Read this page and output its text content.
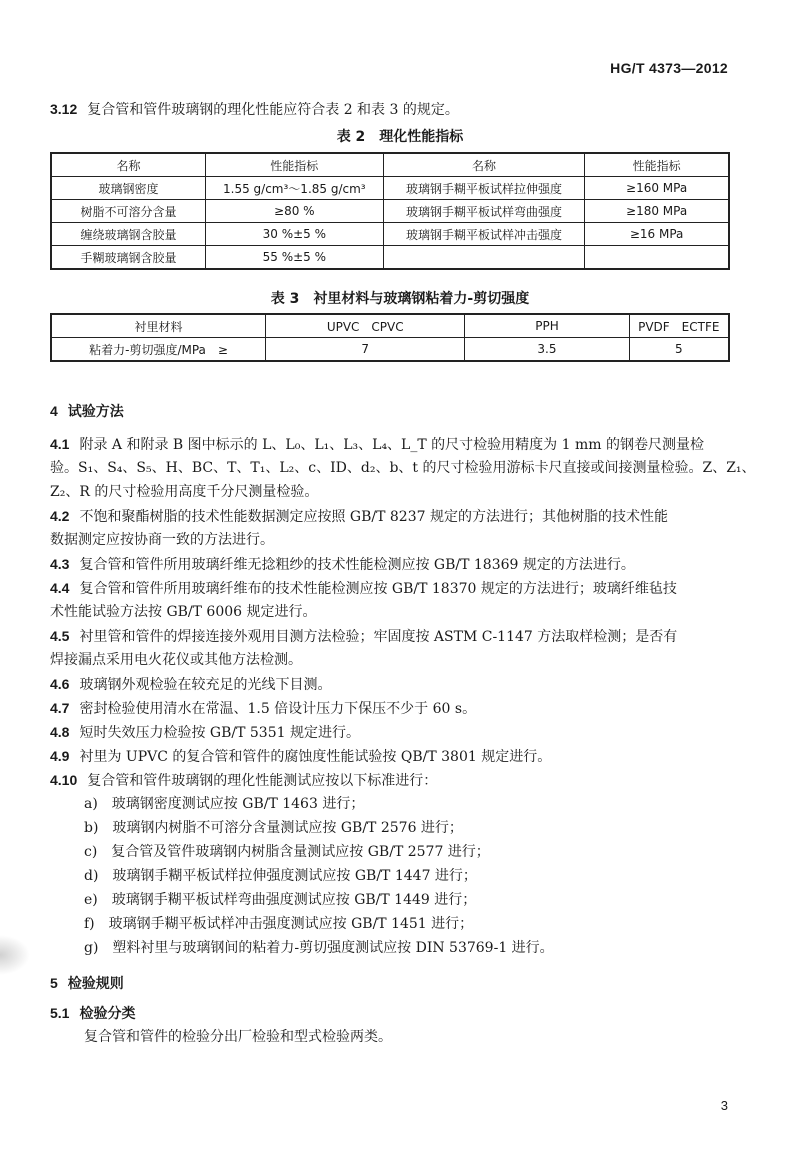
HG/T 4373—2012
3.12 复合管和管件玻璃钢的理化性能应符合表 2 和表 3 的规定。
表 2　理化性能指标
名称	性能指标	名称	性能指标
玻璃钢密度	1.55 g/cm³～1.85 g/cm³	玻璃钢手糊平板试样拉伸强度	≥160 MPa
树脂不可溶分含量	≥80 %	玻璃钢手糊平板试样弯曲强度	≥180 MPa
缠绕玻璃钢含胶量	30 %±5 %	玻璃钢手糊平板试样冲击强度	≥16 MPa
手糊玻璃钢含胶量	55 %±5 %		
表 3　衬里材料与玻璃钢粘着力-剪切强度
衬里材料	UPVC　CPVC	PPH	PVDF　ECTFE
粘着力-剪切强度/MPa　≥	7	3.5	5
4 试验方法
4.1 附录 A 和附录 B 图中标示的 L、L₀、L₁、L₃、L₄、L_T 的尺寸检验用精度为 1 mm 的钢卷尺测量检
验。S₁、S₄、S₅、H、BC、T、T₁、L₂、c、ID、d₂、b、t 的尺寸检验用游标卡尺直接或间接测量检验。Z、Z₁、
Z₂、R 的尺寸检验用高度千分尺测量检验。
4.2 不饱和聚酯树脂的技术性能数据测定应按照 GB/T 8237 规定的方法进行；其他树脂的技术性能
数据测定应按协商一致的方法进行。
4.3 复合管和管件所用玻璃纤维无捻粗纱的技术性能检测应按 GB/T 18369 规定的方法进行。
4.4 复合管和管件所用玻璃纤维布的技术性能检测应按 GB/T 18370 规定的方法进行；玻璃纤维毡技
术性能试验方法按 GB/T 6006 规定进行。
4.5 衬里管和管件的焊接连接外观用目测方法检验；牢固度按 ASTM C-1147 方法取样检测；是否有
焊接漏点采用电火花仪或其他方法检测。
4.6 玻璃钢外观检验在较充足的光线下目测。
4.7 密封检验使用清水在常温、1.5 倍设计压力下保压不少于 60 s。
4.8 短时失效压力检验按 GB/T 5351 规定进行。
4.9 衬里为 UPVC 的复合管和管件的腐蚀度性能试验按 QB/T 3801 规定进行。
4.10 复合管和管件玻璃钢的理化性能测试应按以下标准进行：
a)　玻璃钢密度测试应按 GB/T 1463 进行；
b)　玻璃钢内树脂不可溶分含量测试应按 GB/T 2576 进行；
c)　复合管及管件玻璃钢内树脂含量测试应按 GB/T 2577 进行；
d)　玻璃钢手糊平板试样拉伸强度测试应按 GB/T 1447 进行；
e)　玻璃钢手糊平板试样弯曲强度测试应按 GB/T 1449 进行；
f)　玻璃钢手糊平板试样冲击强度测试应按 GB/T 1451 进行；
g)　塑料衬里与玻璃钢间的粘着力-剪切强度测试应按 DIN 53769-1 进行。
5 检验规则
5.1 检验分类
复合管和管件的检验分出厂检验和型式检验两类。
3
